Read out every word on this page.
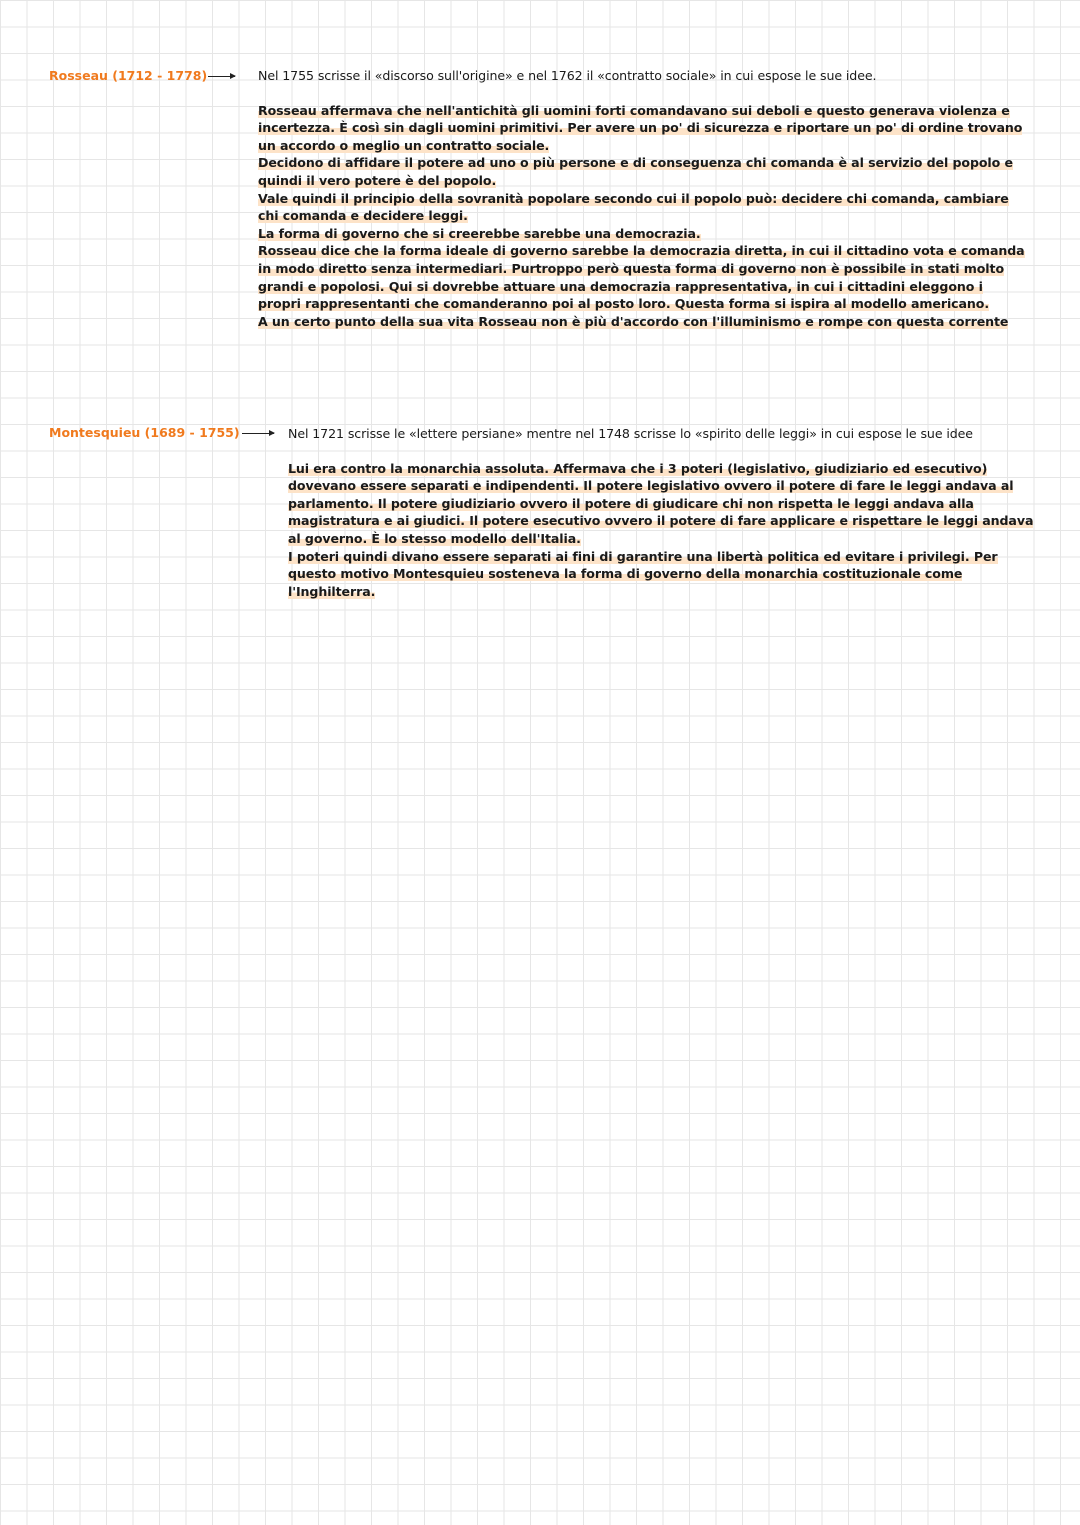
Rosseau (1712 - 1778)	Nel 1755 scrisse il «discorso sull'origine» e nel 1762 il «contratto sociale» in cui espose le sue idee.

Rosseau affermava che nell'antichità gli uomini forti comandavano sui deboli e questo generava violenza e incertezza. È così sin dagli uomini primitivi. Per avere un po' di sicurezza e riportare un po' di ordine trovano un accordo o meglio un contratto sociale.

Decidono di affidare il potere ad uno o più persone e di conseguenza chi comanda è al servizio del popolo e quindi il vero potere è del popolo.

Vale quindi il principio della sovranità popolare secondo cui il popolo può: decidere chi comanda, cambiare chi comanda e decidere leggi.

La forma di governo che si creerebbe sarebbe una democrazia.

Rosseau dice che la forma ideale di governo sarebbe la democrazia diretta, in cui il cittadino vota e comanda in modo diretto senza intermediari. Purtroppo però questa forma di governo non è possibile in stati molto grandi e popolosi. Qui si dovrebbe attuare una democrazia rappresentativa, in cui i cittadini eleggono i propri rappresentanti che comanderanno poi al posto loro. Questa forma si ispira al modello americano.

A un certo punto della sua vita Rosseau non è più d'accordo con l'illuminismo e rompe con questa corrente

Montesquieu (1689 - 1755)	Nel 1721 scrisse le «lettere persiane» mentre nel 1748 scrisse lo «spirito delle leggi» in cui espose le sue idee

Lui era contro la monarchia assoluta. Affermava che i 3 poteri (legislativo, giudiziario ed esecutivo) dovevano essere separati e indipendenti. Il potere legislativo ovvero il potere di fare le leggi andava al parlamento. Il potere giudiziario ovvero il potere di giudicare chi non rispetta le leggi andava alla magistratura e ai giudici. Il potere esecutivo ovvero il potere di fare applicare e rispettare le leggi andava al governo. È lo stesso modello dell'Italia.

I poteri quindi divano essere separati ai fini di garantire una libertà politica ed evitare i privilegi. Per questo motivo Montesquieu sosteneva la forma di governo della monarchia costituzionale come l'Inghilterra.
